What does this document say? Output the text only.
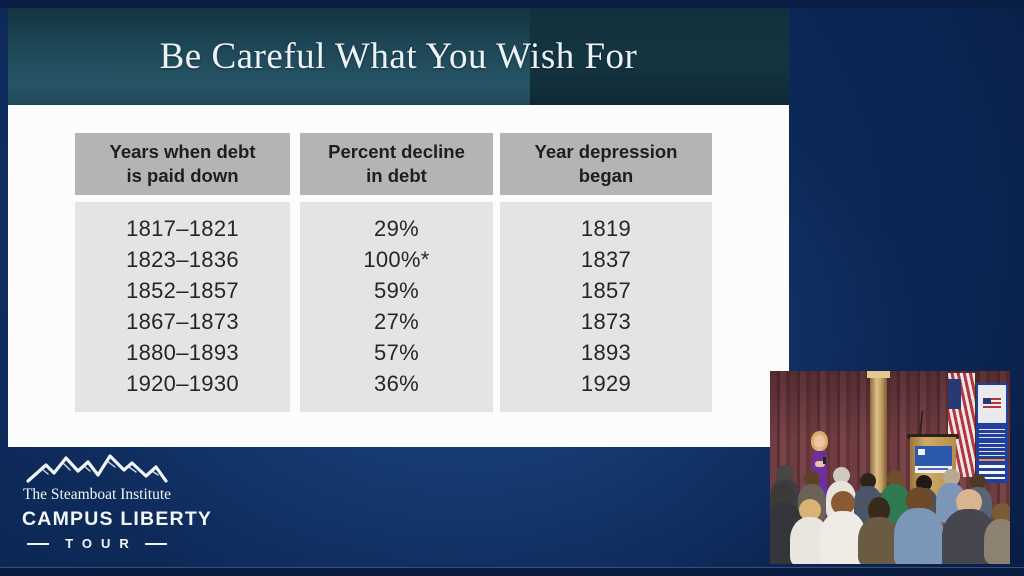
Be Careful What You Wish For
Years when debt
is paid down
1817–1821
1823–1836
1852–1857
1867–1873
1880–1893
1920–1930
Percent decline
in debt
29%
100%*
59%
27%
57%
36%
Year depression
began
1819
1837
1857
1873
1893
1929
The Steamboat Institute
CAMPUS LIBERTY
TOUR
